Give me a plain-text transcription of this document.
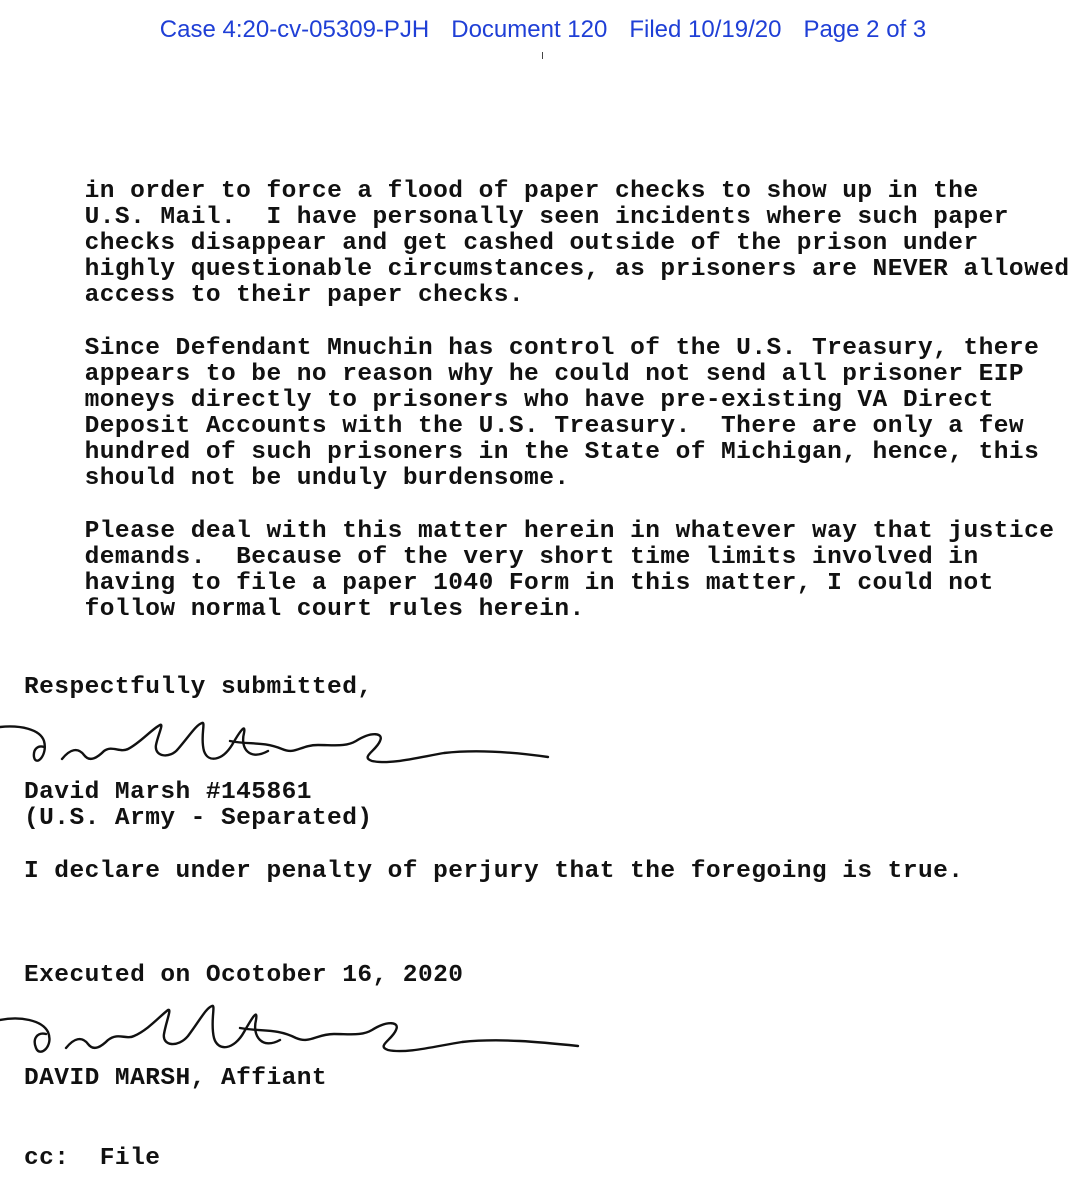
Case 4:20-cv-05309-PJH Document 120 Filed 10/19/20 Page 2 of 3

in order to force a flood of paper checks to show up in the
U.S. Mail.  I have personally seen incidents where such paper
checks disappear and get cashed outside of the prison under
highly questionable circumstances, as prisoners are NEVER allowed
access to their paper checks.

Since Defendant Mnuchin has control of the U.S. Treasury, there
appears to be no reason why he could not send all prisoner EIP
moneys directly to prisoners who have pre-existing VA Direct
Deposit Accounts with the U.S. Treasury.  There are only a few
hundred of such prisoners in the State of Michigan, hence, this
should not be unduly burdensome.

Please deal with this matter herein in whatever way that justice
demands.  Because of the very short time limits involved in
having to file a paper 1040 Form in this matter, I could not
follow normal court rules herein.

Respectfully submitted,
David Marsh #145861
(U.S. Army - Separated)
I declare under penalty of perjury that the foregoing is true.
Executed on Ocotober 16, 2020
DAVID MARSH, Affiant
cc:  File
